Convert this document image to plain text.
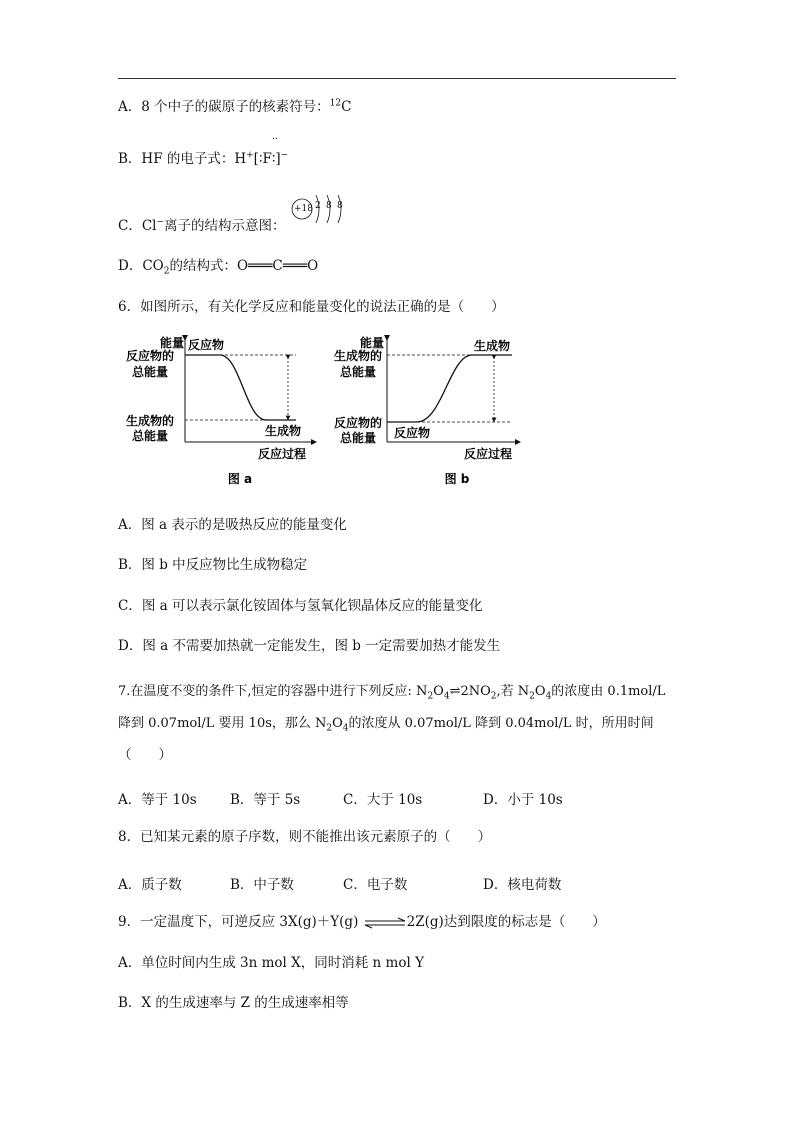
A．8 个中子的碳原子的核素符号：$^{12}$C
B．HF 的电子式：H+[∶F∶]−
‥
C．Cl−离子的结构示意图：
+18 2 8 8
D．$CO_2$的结构式：O═══C═══O
6．如图所示，有关化学反应和能量变化的说法正确的是（　　）
能量
反应物的
总能量
生成物的
总能量
反应物
生成物
反应过程
图 a
能量
生成物的
总能量
反应物的
总能量 反应物
生成物
反应过程
图 b
A．图 a 表示的是吸热反应的能量变化
B．图 b 中反应物比生成物稳定
C．图 a 可以表示氯化铵固体与氢氧化钡晶体反应的能量变化
D．图 a 不需要加热就一定能发生，图 b 一定需要加热才能发生
7.在温度不变的条件下,恒定的容器中进行下列反应: $N_2O_4\rightleftharpoons 2NO_2$,若 $N_2O_4$的浓度由 0.1mol/L
降到 0.07mol/L 要用 10s，那么 $N_2O_4$的浓度从 0.07mol/L 降到 0.04mol/L 时，所用时间
（　　）
A．等于 10s B．等于 5s	C．大于 10s	D．小于 10s
8．已知某元素的原子序数，则不能推出该元素原子的（　　）
A．质子数	B．中子数	C．电子数	D．核电荷数
9．一定温度下，可逆反应 3X(g)＋Y(g) ⇌2Z(g)达到限度的标志是（　　）
A．单位时间内生成 3n mol X，同时消耗 n mol Y
B．X 的生成速率与 Z 的生成速率相等
